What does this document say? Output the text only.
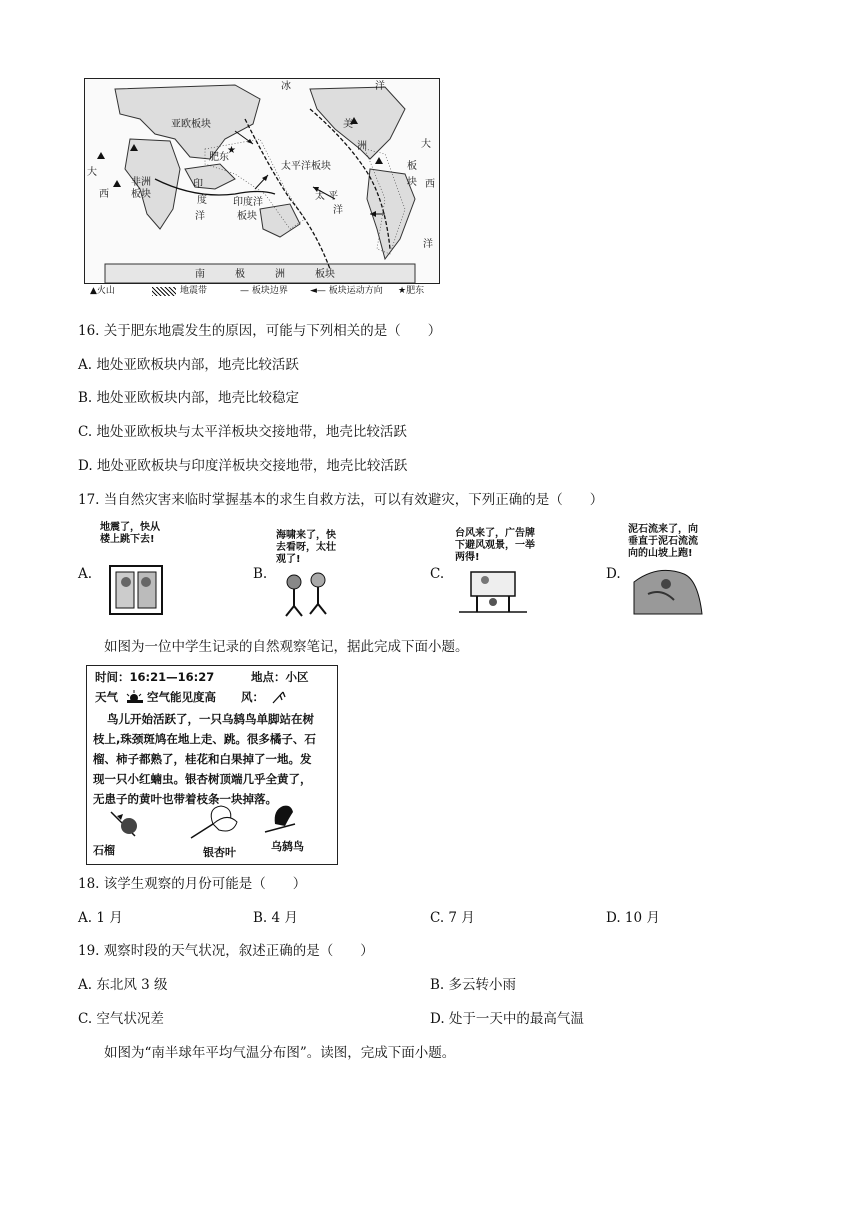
★
冰	洋
亚欧板块	美
洲	大
肥东
太平洋板块	板
大
西
非洲
板块	太 平
洋
印
度
洋
印度洋
板块
块 西
洋
南	极	洲	板块
▲火山	地震带	— 板块边界 ◄— 板块运动方向 ★肥东
16. 关于肥东地震发生的原因，可能与下列相关的是（　　）
A. 地处亚欧板块内部，地壳比较活跃
B. 地处亚欧板块内部，地壳比较稳定
C. 地处亚欧板块与太平洋板块交接地带，地壳比较活跃
D. 地处亚欧板块与印度洋板块交接地带，地壳比较活跃
17. 当自然灾害来临时掌握基本的求生自救方法，可以有效避灾，下列正确的是（　　）
A.
地震了，快从楼上跳下去!
B.
海啸来了，快去看呀，太壮观了!
C.
台风来了，广告牌下避风观景，一举两得!
D.
泥石流来了，向垂直于泥石流流向的山坡上跑!
如图为一位中学生记录的自然观察笔记，据此完成下面小题。
时间：16:21—16:27	地点：小区
天气	空气能见度高 风：
鸟儿开始活跃了，一只乌鸫鸟单脚站在树
枝上,珠颈斑鸠在地上走、跳。很多橘子、石
榴、柿子都熟了，桂花和白果掉了一地。发
现一只小红蝻虫。银杏树顶端几乎全黄了，
无患子的黄叶也带着枝条一块掉落。
石榴	银杏叶	乌鸫鸟
18. 该学生观察的月份可能是（　　）
A. 1 月	B. 4 月	C. 7 月	D. 10 月
19. 观察时段的天气状况，叙述正确的是（　　）
A. 东北风 3 级	B. 多云转小雨
C. 空气状况差	D. 处于一天中的最高气温
如图为“南半球年平均气温分布图”。读图，完成下面小题。
